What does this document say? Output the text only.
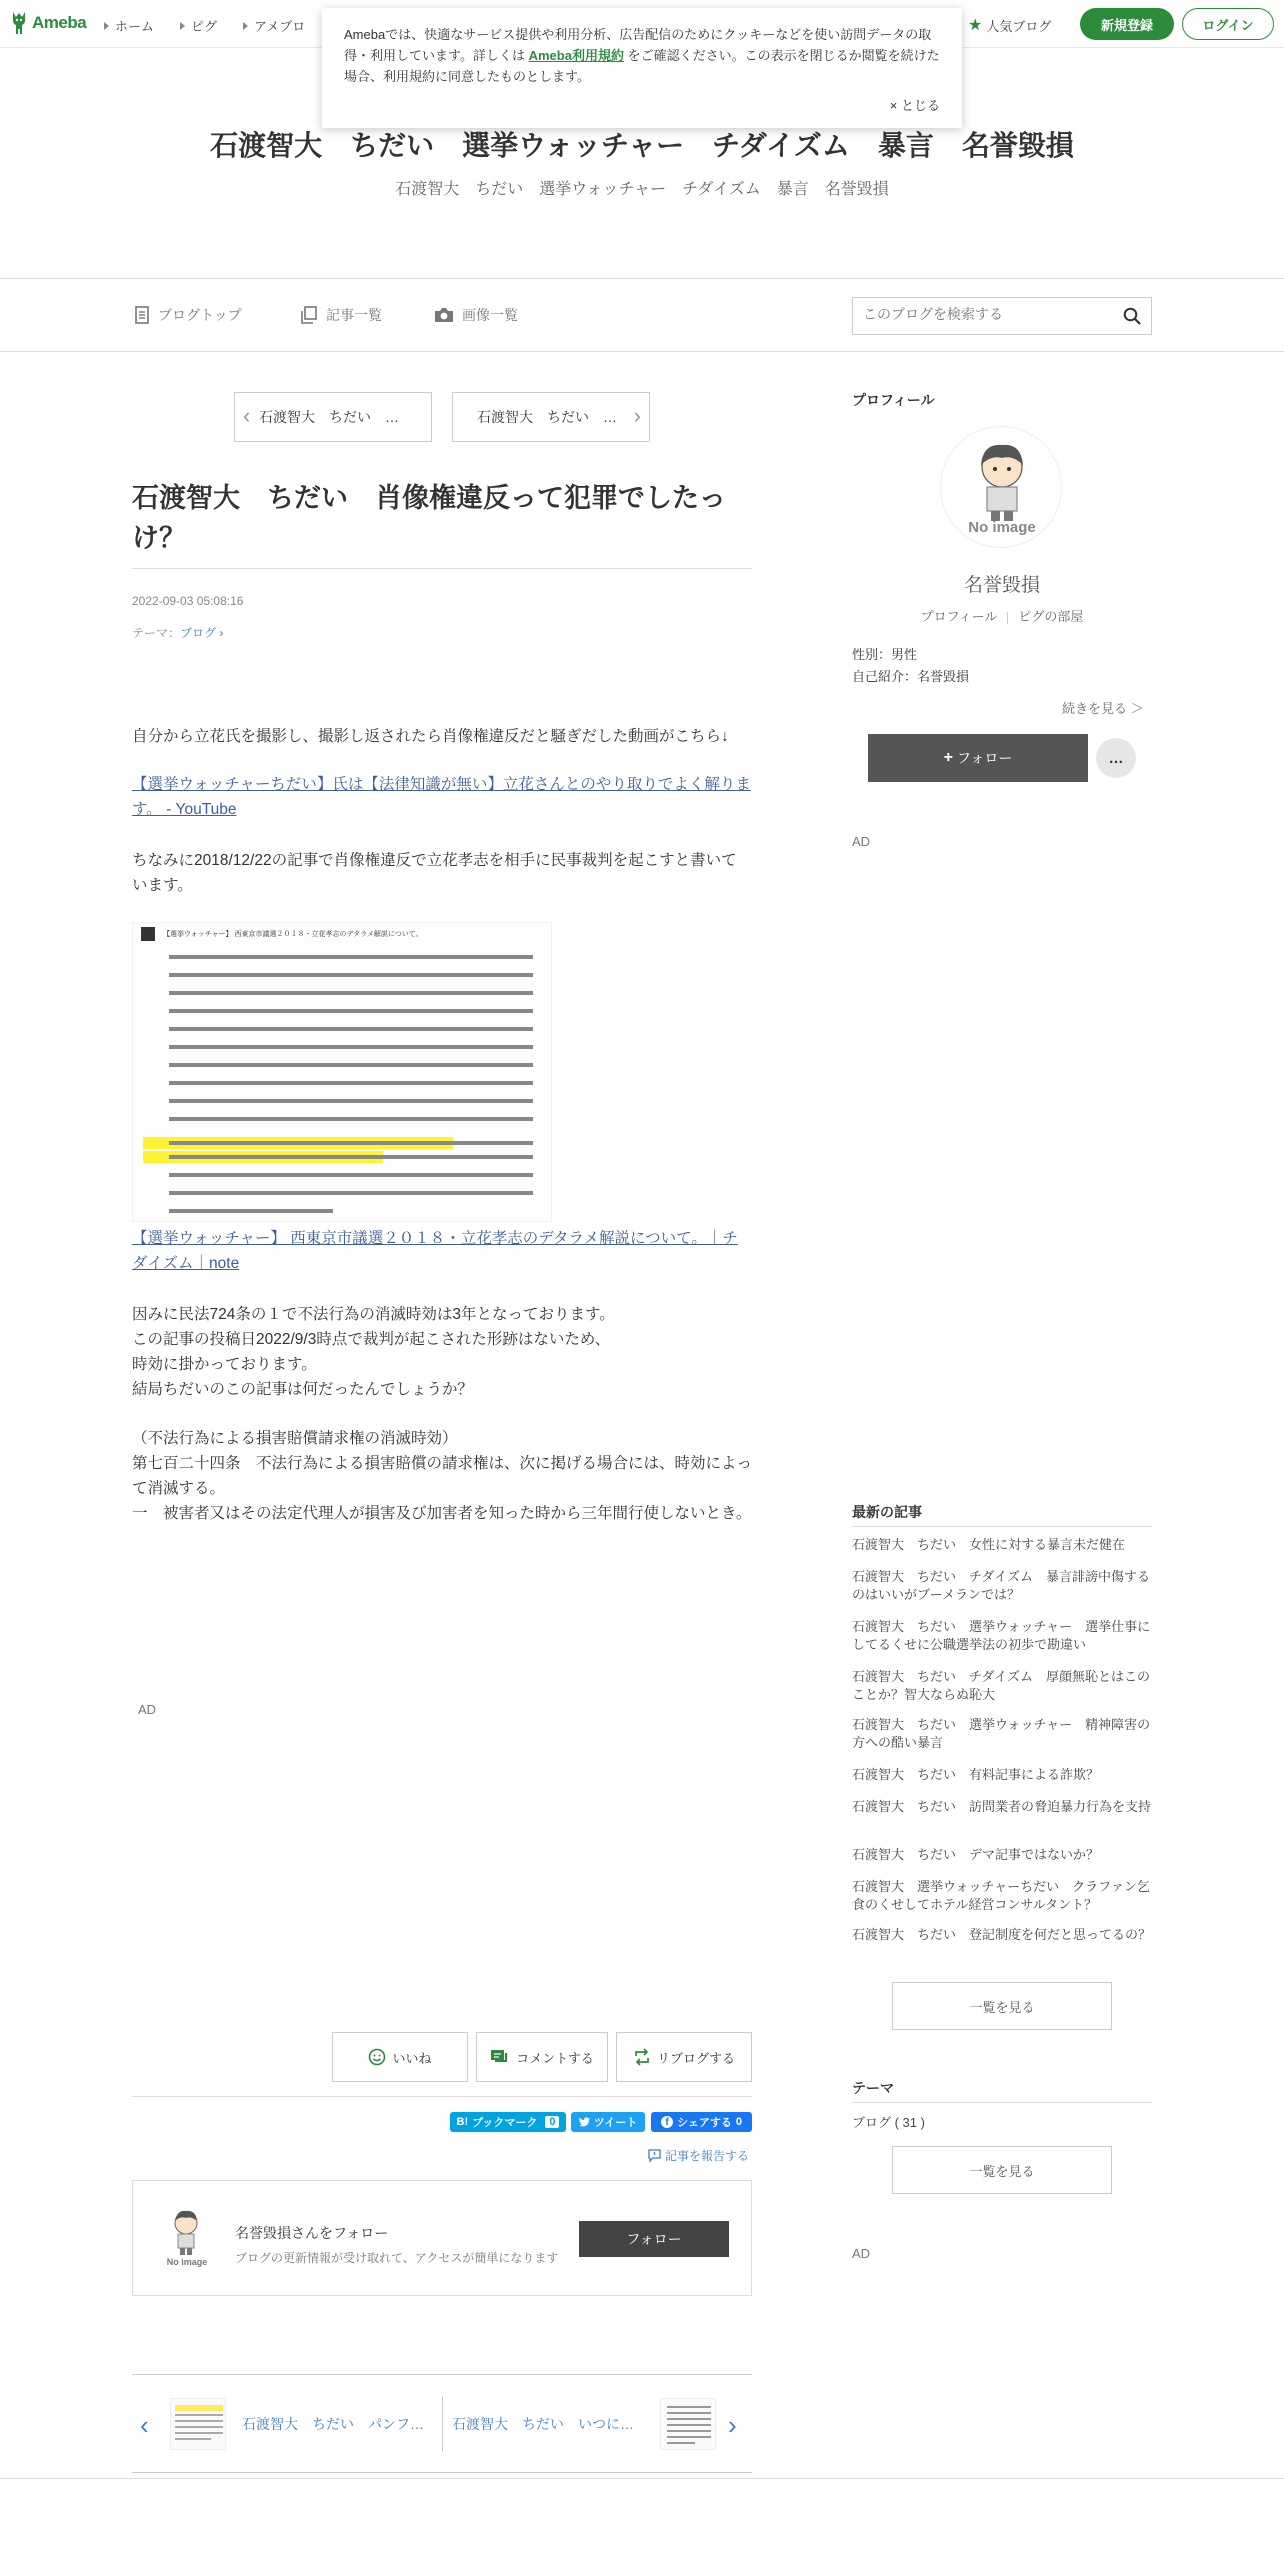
Ameba	ホーム	ピグ	アメブロ	★ 人気ブログ	新規登録	ログイン
Amebaでは、快適なサービス提供や利用分析、広告配信のためにクッキーなどを使い訪問データの取得・利用しています。詳しくは Ameba利用規約 をご確認ください。この表示を閉じるか閲覧を続けた場合、利用規約に同意したものとします。
× とじる
石渡智大　ちだい　選挙ウォッチャー　チダイズム　暴言　名誉毀損
石渡智大　ちだい　選挙ウォッチャー　チダイズム　暴言　名誉毀損
ブログトップ	記事一覧	画像一覧
このブログを検索する
‹ 石渡智大　ちだい　…	石渡智大　ちだい　… ›
石渡智大　ちだい　肖像権違反って犯罪でしたっけ？
2022-09-03 05:08:16
テーマ：ブログ ›

自分から立花氏を撮影し、撮影し返されたら肖像権違反だと騒ぎだした動画がこちら↓

【選挙ウォッチャーちだい】氏は【法律知識が無い】立花さんとのやり取りでよく解ります。 - YouTube

ちなみに2018/12/22の記事で肖像権違反で立花孝志を相手に民事裁判を起こすと書いています。

【選挙ウォッチャー】 西東京市議選２０１８・立花孝志のデタラメ解説について。

【選挙ウォッチャー】 西東京市議選２０１８・立花孝志のデタラメ解説について。｜チダイズム｜note

因みに民法724条の１で不法行為の消滅時効は3年となっております。
この記事の投稿日2022/9/3時点で裁判が起こされた形跡はないため、
時効に掛かっております。
結局ちだいのこの記事は何だったんでしょうか？
（不法行為による損害賠償請求権の消滅時効）
第七百二十四条　不法行為による損害賠償の請求権は、次に掲げる場合には、時効によって消滅する。
一　被害者又はその法定代理人が損害及び加害者を知った時から三年間行使しないとき。
AD
いいね	コメントする	リブログする
B! ブックマーク	0	ツイート	f シェアする 0
記事を報告する
No image
名誉毀損さんをフォロー
ブログの更新情報が受け取れて、アクセスが簡単になります
フォロー
‹	石渡智大　ちだい　パンフ… 石渡智大　ちだい　いつに…	›
プロフィール
No image
名誉毀損
プロフィール ピグの部屋
性別：男性
自己紹介：名誉毀損
続きを見る ＞
+ フォロー	…
AD
最新の記事
石渡智大　ちだい　女性に対する暴言未だ健在
石渡智大　ちだい　チダイズム　暴言誹謗中傷するのはいいがブーメランでは？
石渡智大　ちだい　選挙ウォッチャー　選挙仕事にしてるくせに公職選挙法の初歩で勘違い
石渡智大　ちだい　チダイズム　厚顔無恥とはこのことか？智大ならぬ恥大
石渡智大　ちだい　選挙ウォッチャー　精神障害の方への酷い暴言
石渡智大　ちだい　有料記事による詐欺？
石渡智大　ちだい　訪問業者の脅迫暴力行為を支持
石渡智大　ちだい　デマ記事ではないか？
石渡智大　選挙ウォッチャーちだい　クラファン乞食のくせしてホテル経営コンサルタント？
石渡智大　ちだい　登記制度を何だと思ってるの？
一覧を見る
テーマ
ブログ ( 31 )
一覧を見る
AD
